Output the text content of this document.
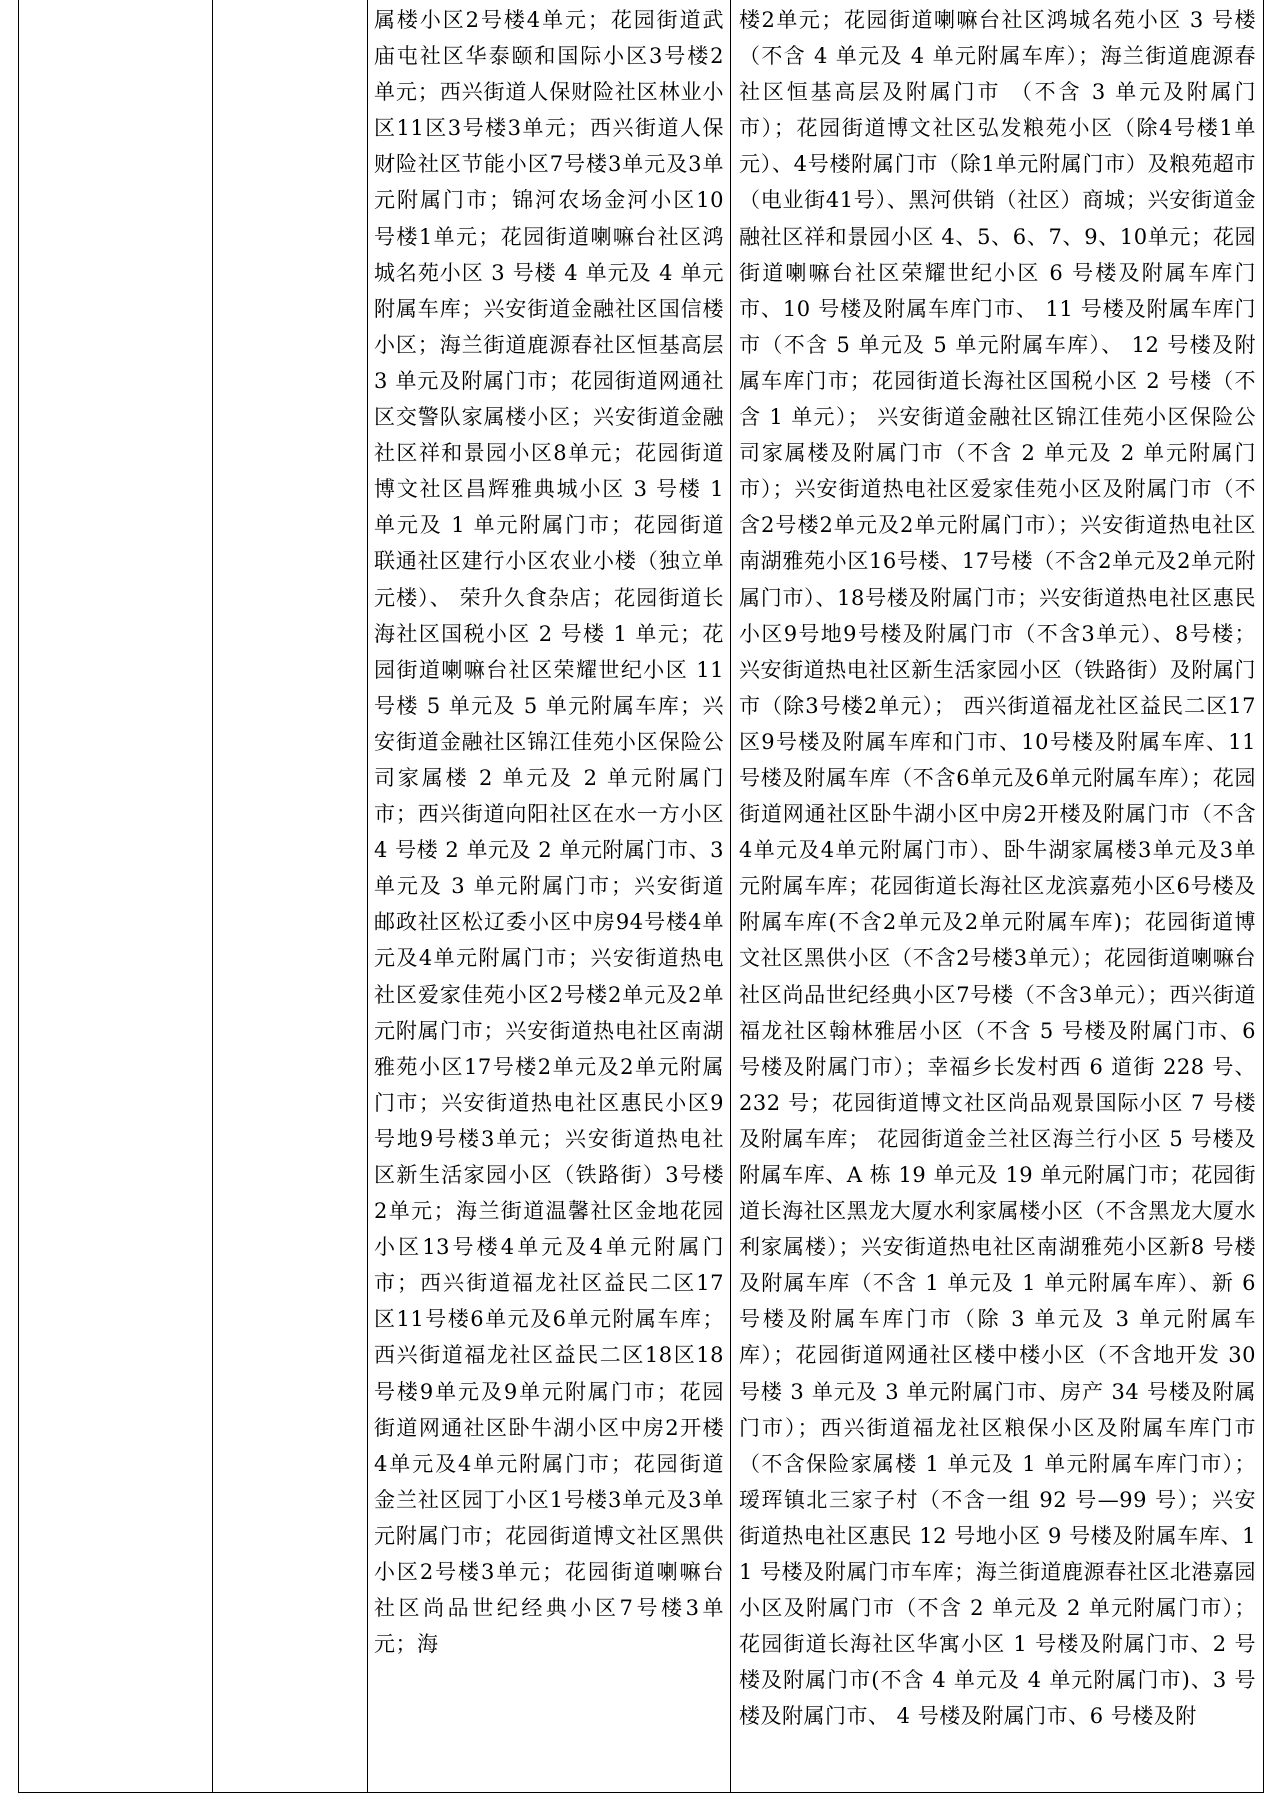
属楼小区2号楼4单元；花园街道武庙屯社区华泰颐和国际小区3号楼2单元；西兴街道人保财险社区林业小区11区3号楼3单元；西兴街道人保财险社区节能小区7号楼3单元及3单元附属门市；锦河农场金河小区10号楼1单元；花园街道喇嘛台社区鸿城名苑小区 3 号楼 4 单元及 4 单元附属车库；兴安街道金融社区国信楼小区；海兰街道鹿源春社区恒基高层 3 单元及附属门市；花园街道网通社区交警队家属楼小区；兴安街道金融社区祥和景园小区8单元；花园街道博文社区昌辉雅典城小区 3 号楼 1 单元及 1 单元附属门市；花园街道联通社区建行小区农业小楼（独立单元楼）、 荣升久食杂店；花园街道长海社区国税小区 2 号楼 1 单元；花园街道喇嘛台社区荣耀世纪小区 11 号楼 5 单元及 5 单元附属车库；兴安街道金融社区锦江佳苑小区保险公司家属楼 2 单元及 2 单元附属门市；西兴街道向阳社区在水一方小区 4 号楼 2 单元及 2 单元附属门市、3 单元及 3 单元附属门市；兴安街道邮政社区松辽委小区中房94号楼4单元及4单元附属门市；兴安街道热电社区爱家佳苑小区2号楼2单元及2单元附属门市；兴安街道热电社区南湖雅苑小区17号楼2单元及2单元附属门市；兴安街道热电社区惠民小区9号地9号楼3单元；兴安街道热电社区新生活家园小区（铁路街）3号楼2单元；海兰街道温馨社区金地花园小区13号楼4单元及4单元附属门市；西兴街道福龙社区益民二区17区11号楼6单元及6单元附属车库；西兴街道福龙社区益民二区18区18号楼9单元及9单元附属门市；花园街道网通社区卧牛湖小区中房2开楼4单元及4单元附属门市；花园街道金兰社区园丁小区1号楼3单元及3单元附属门市；花园街道博文社区黑供小区2号楼3单元；花园街道喇嘛台社区尚品世纪经典小区7号楼3单元；海
楼2单元；花园街道喇嘛台社区鸿城名苑小区 3 号楼（不含 4 单元及 4 单元附属车库）；海兰街道鹿源春社区恒基高层及附属门市 （不含 3 单元及附属门市）；花园街道博文社区弘发粮苑小区（除4号楼1单元）、4号楼附属门市（除1单元附属门市）及粮苑超市（电业街41号）、黑河供销（社区）商城；兴安街道金融社区祥和景园小区 4、5、6、7、9、10单元；花园街道喇嘛台社区荣耀世纪小区 6 号楼及附属车库门市、10 号楼及附属车库门市、 11 号楼及附属车库门市（不含 5 单元及 5 单元附属车库）、 12 号楼及附属车库门市；花园街道长海社区国税小区 2 号楼（不含 1 单元）； 兴安街道金融社区锦江佳苑小区保险公司家属楼及附属门市（不含 2 单元及 2 单元附属门市）；兴安街道热电社区爱家佳苑小区及附属门市（不含2号楼2单元及2单元附属门市）；兴安街道热电社区南湖雅苑小区16号楼、17号楼（不含2单元及2单元附属门市）、18号楼及附属门市；兴安街道热电社区惠民小区9号地9号楼及附属门市（不含3单元）、8号楼；兴安街道热电社区新生活家园小区（铁路街）及附属门市（除3号楼2单元）； 西兴街道福龙社区益民二区17区9号楼及附属车库和门市、10号楼及附属车库、11号楼及附属车库（不含6单元及6单元附属车库）；花园街道网通社区卧牛湖小区中房2开楼及附属门市（不含4单元及4单元附属门市）、卧牛湖家属楼3单元及3单元附属车库；花园街道长海社区龙滨嘉苑小区6号楼及附属车库(不含2单元及2单元附属车库)；花园街道博文社区黑供小区（不含2号楼3单元）；花园街道喇嘛台社区尚品世纪经典小区7号楼（不含3单元）；西兴街道福龙社区翰林雅居小区（不含 5 号楼及附属门市、6 号楼及附属门市）；幸福乡长发村西 6 道街 228 号、232 号；花园街道博文社区尚品观景国际小区 7 号楼及附属车库； 花园街道金兰社区海兰行小区 5 号楼及附属车库、A 栋 19 单元及 19 单元附属门市；花园街道长海社区黑龙大厦水利家属楼小区（不含黑龙大厦水利家属楼）；兴安街道热电社区南湖雅苑小区新8 号楼及附属车库（不含 1 单元及 1 单元附属车库）、新 6 号楼及附属车库门市（除 3 单元及 3 单元附属车库）；花园街道网通社区楼中楼小区（不含地开发 30 号楼 3 单元及 3 单元附属门市、房产 34 号楼及附属门市）；西兴街道福龙社区粮保小区及附属车库门市（不含保险家属楼 1 单元及 1 单元附属车库门市）；瑷珲镇北三家子村（不含一组 92 号—99 号）；兴安街道热电社区惠民 12 号地小区 9 号楼及附属车库、11 号楼及附属门市车库；海兰街道鹿源春社区北港嘉园小区及附属门市（不含 2 单元及 2 单元附属门市）；花园街道长海社区华寓小区 1 号楼及附属门市、2 号楼及附属门市(不含 4 单元及 4 单元附属门市)、3 号楼及附属门市、 4 号楼及附属门市、6 号楼及附
